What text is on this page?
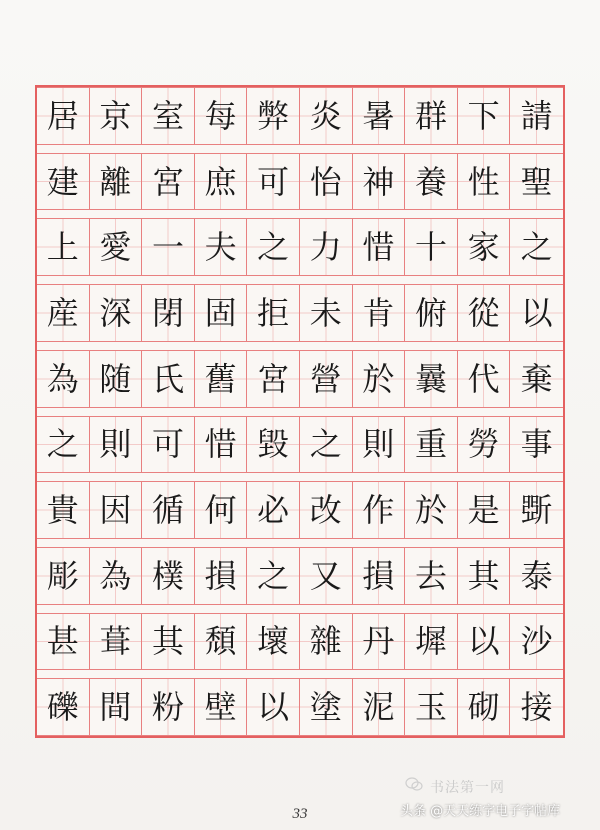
居 京 室 每 弊 炎 暑 群 下 請
建 離 宮 庶 可 怡 神 養 性 聖
上 愛 一 夫 之 力 惜 十 家 之
産 深 閉 固 拒 未 肯 俯 從 以
為 随 氏 舊 宮 營 於 曩 代 棄
之 則 可 惜 毀 之 則 重 勞 事
貴 因 循 何 必 改 作 於 是 斲
彫 為 樸 損 之 又 損 去 其 泰
甚 葺 其 頹 壞 雜 丹 墀 以 沙
礫 間 粉 壁 以 塗 泥 玉 砌 接
书法第一网
33	头条 @天天练字电子字帖库
